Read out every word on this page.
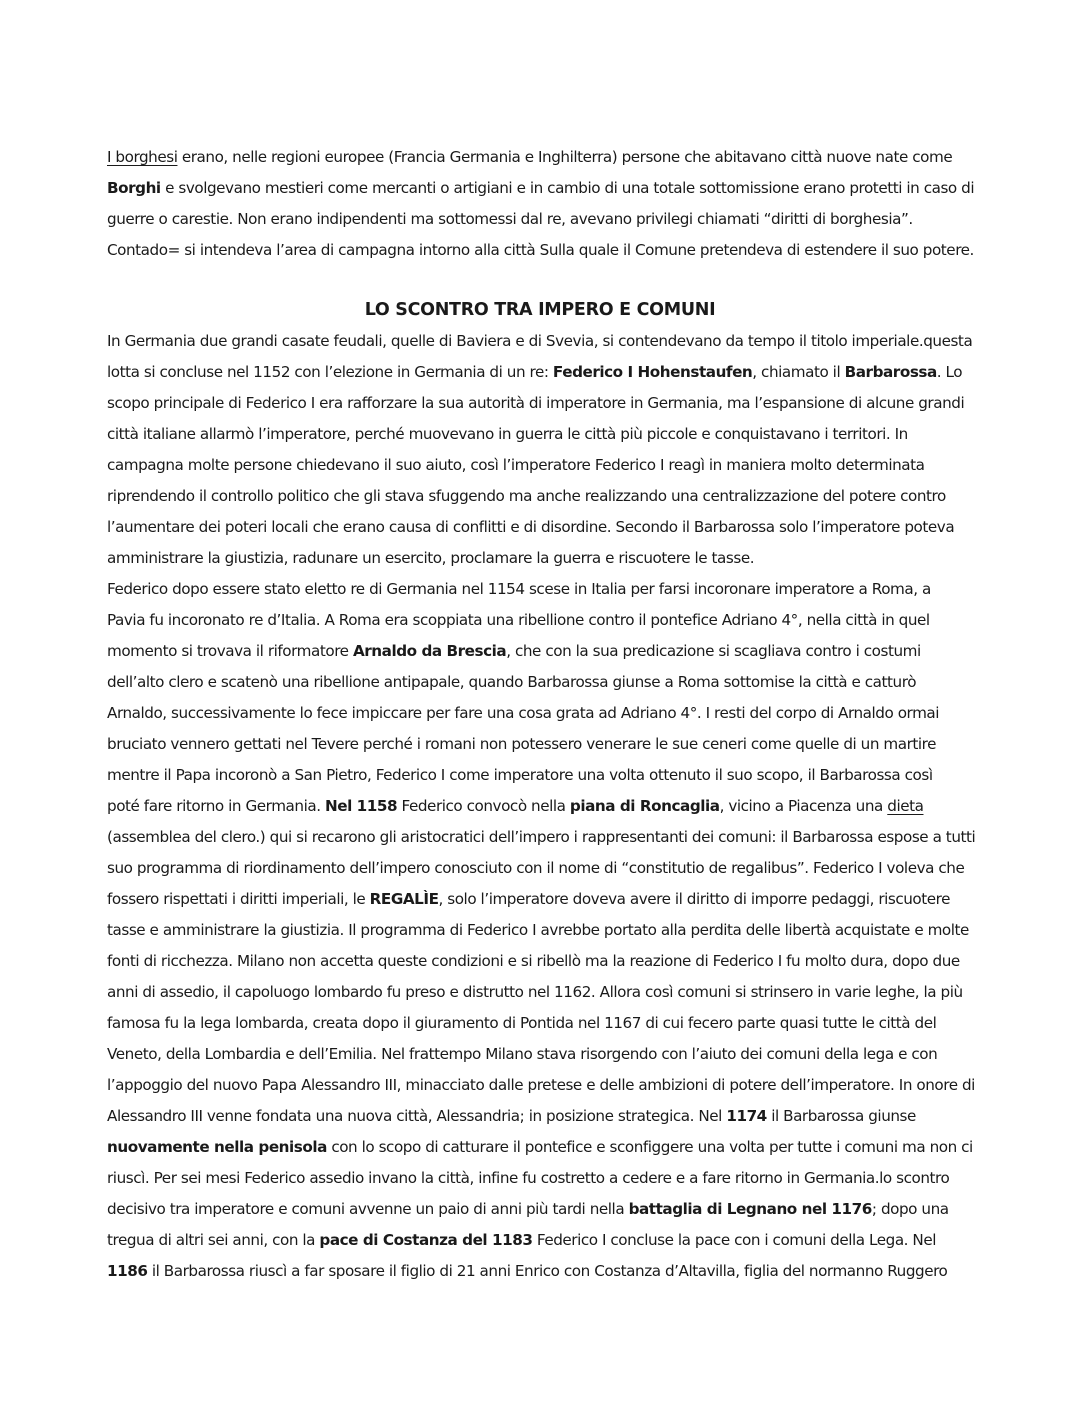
I borghesi erano, nelle regioni europee (Francia Germania e Inghilterra) persone che abitavano città nuove nate come
Borghi e svolgevano mestieri come mercanti o artigiani e in cambio di una totale sottomissione erano protetti in caso di
guerre o carestie. Non erano indipendenti ma sottomessi dal re, avevano privilegi chiamati “diritti di borghesia”.
Contado= si intendeva l’area di campagna intorno alla città Sulla quale il Comune pretendeva di estendere il suo potere.
LO SCONTRO TRA IMPERO E COMUNI
In Germania due grandi casate feudali, quelle di Baviera e di Svevia, si contendevano da tempo il titolo imperiale.questa
lotta si concluse nel 1152 con l’elezione in Germania di un re: Federico I Hohenstaufen, chiamato il Barbarossa. Lo
scopo principale di Federico I era rafforzare la sua autorità di imperatore in Germania, ma l’espansione di alcune grandi
città italiane allarmò l’imperatore, perché muovevano in guerra le città più piccole e conquistavano i territori. In
campagna molte persone chiedevano il suo aiuto, così l’imperatore Federico I reagì in maniera molto determinata
riprendendo il controllo politico che gli stava sfuggendo ma anche realizzando una centralizzazione del potere contro
l’aumentare dei poteri locali che erano causa di conflitti e di disordine. Secondo il Barbarossa solo l’imperatore poteva
amministrare la giustizia, radunare un esercito, proclamare la guerra e riscuotere le tasse.
Federico dopo essere stato eletto re di Germania nel 1154 scese in Italia per farsi incoronare imperatore a Roma, a
Pavia fu incoronato re d’Italia. A Roma era scoppiata una ribellione contro il pontefice Adriano 4°, nella città in quel
momento si trovava il riformatore Arnaldo da Brescia, che con la sua predicazione si scagliava contro i costumi
dell’alto clero e scatenò una ribellione antipapale, quando Barbarossa giunse a Roma sottomise la città e catturò
Arnaldo, successivamente lo fece impiccare per fare una cosa grata ad Adriano 4°. I resti del corpo di Arnaldo ormai
bruciato vennero gettati nel Tevere perché i romani non potessero venerare le sue ceneri come quelle di un martire
mentre il Papa incoronò a San Pietro, Federico I come imperatore una volta ottenuto il suo scopo, il Barbarossa così
poté fare ritorno in Germania. Nel 1158 Federico convocò nella piana di Roncaglia, vicino a Piacenza una dieta
(assemblea del clero.) qui si recarono gli aristocratici dell’impero i rappresentanti dei comuni: il Barbarossa espose a tutti
suo programma di riordinamento dell’impero conosciuto con il nome di “constitutio de regalibus”. Federico I voleva che
fossero rispettati i diritti imperiali, le REGALÌE, solo l’imperatore doveva avere il diritto di imporre pedaggi, riscuotere
tasse e amministrare la giustizia. Il programma di Federico I avrebbe portato alla perdita delle libertà acquistate e molte
fonti di ricchezza. Milano non accetta queste condizioni e si ribellò ma la reazione di Federico I fu molto dura, dopo due
anni di assedio, il capoluogo lombardo fu preso e distrutto nel 1162. Allora così comuni si strinsero in varie leghe, la più
famosa fu la lega lombarda, creata dopo il giuramento di Pontida nel 1167 di cui fecero parte quasi tutte le città del
Veneto, della Lombardia e dell’Emilia. Nel frattempo Milano stava risorgendo con l’aiuto dei comuni della lega e con
l’appoggio del nuovo Papa Alessandro III, minacciato dalle pretese e delle ambizioni di potere dell’imperatore. In onore di
Alessandro III venne fondata una nuova città, Alessandria; in posizione strategica. Nel 1174 il Barbarossa giunse
nuovamente nella penisola con lo scopo di catturare il pontefice e sconfiggere una volta per tutte i comuni ma non ci
riuscì. Per sei mesi Federico assedio invano la città, infine fu costretto a cedere e a fare ritorno in Germania.lo scontro
decisivo tra imperatore e comuni avvenne un paio di anni più tardi nella battaglia di Legnano nel 1176; dopo una
tregua di altri sei anni, con la pace di Costanza del 1183 Federico I concluse la pace con i comuni della Lega. Nel
1186 il Barbarossa riuscì a far sposare il figlio di 21 anni Enrico con Costanza d’Altavilla, figlia del normanno Ruggero
